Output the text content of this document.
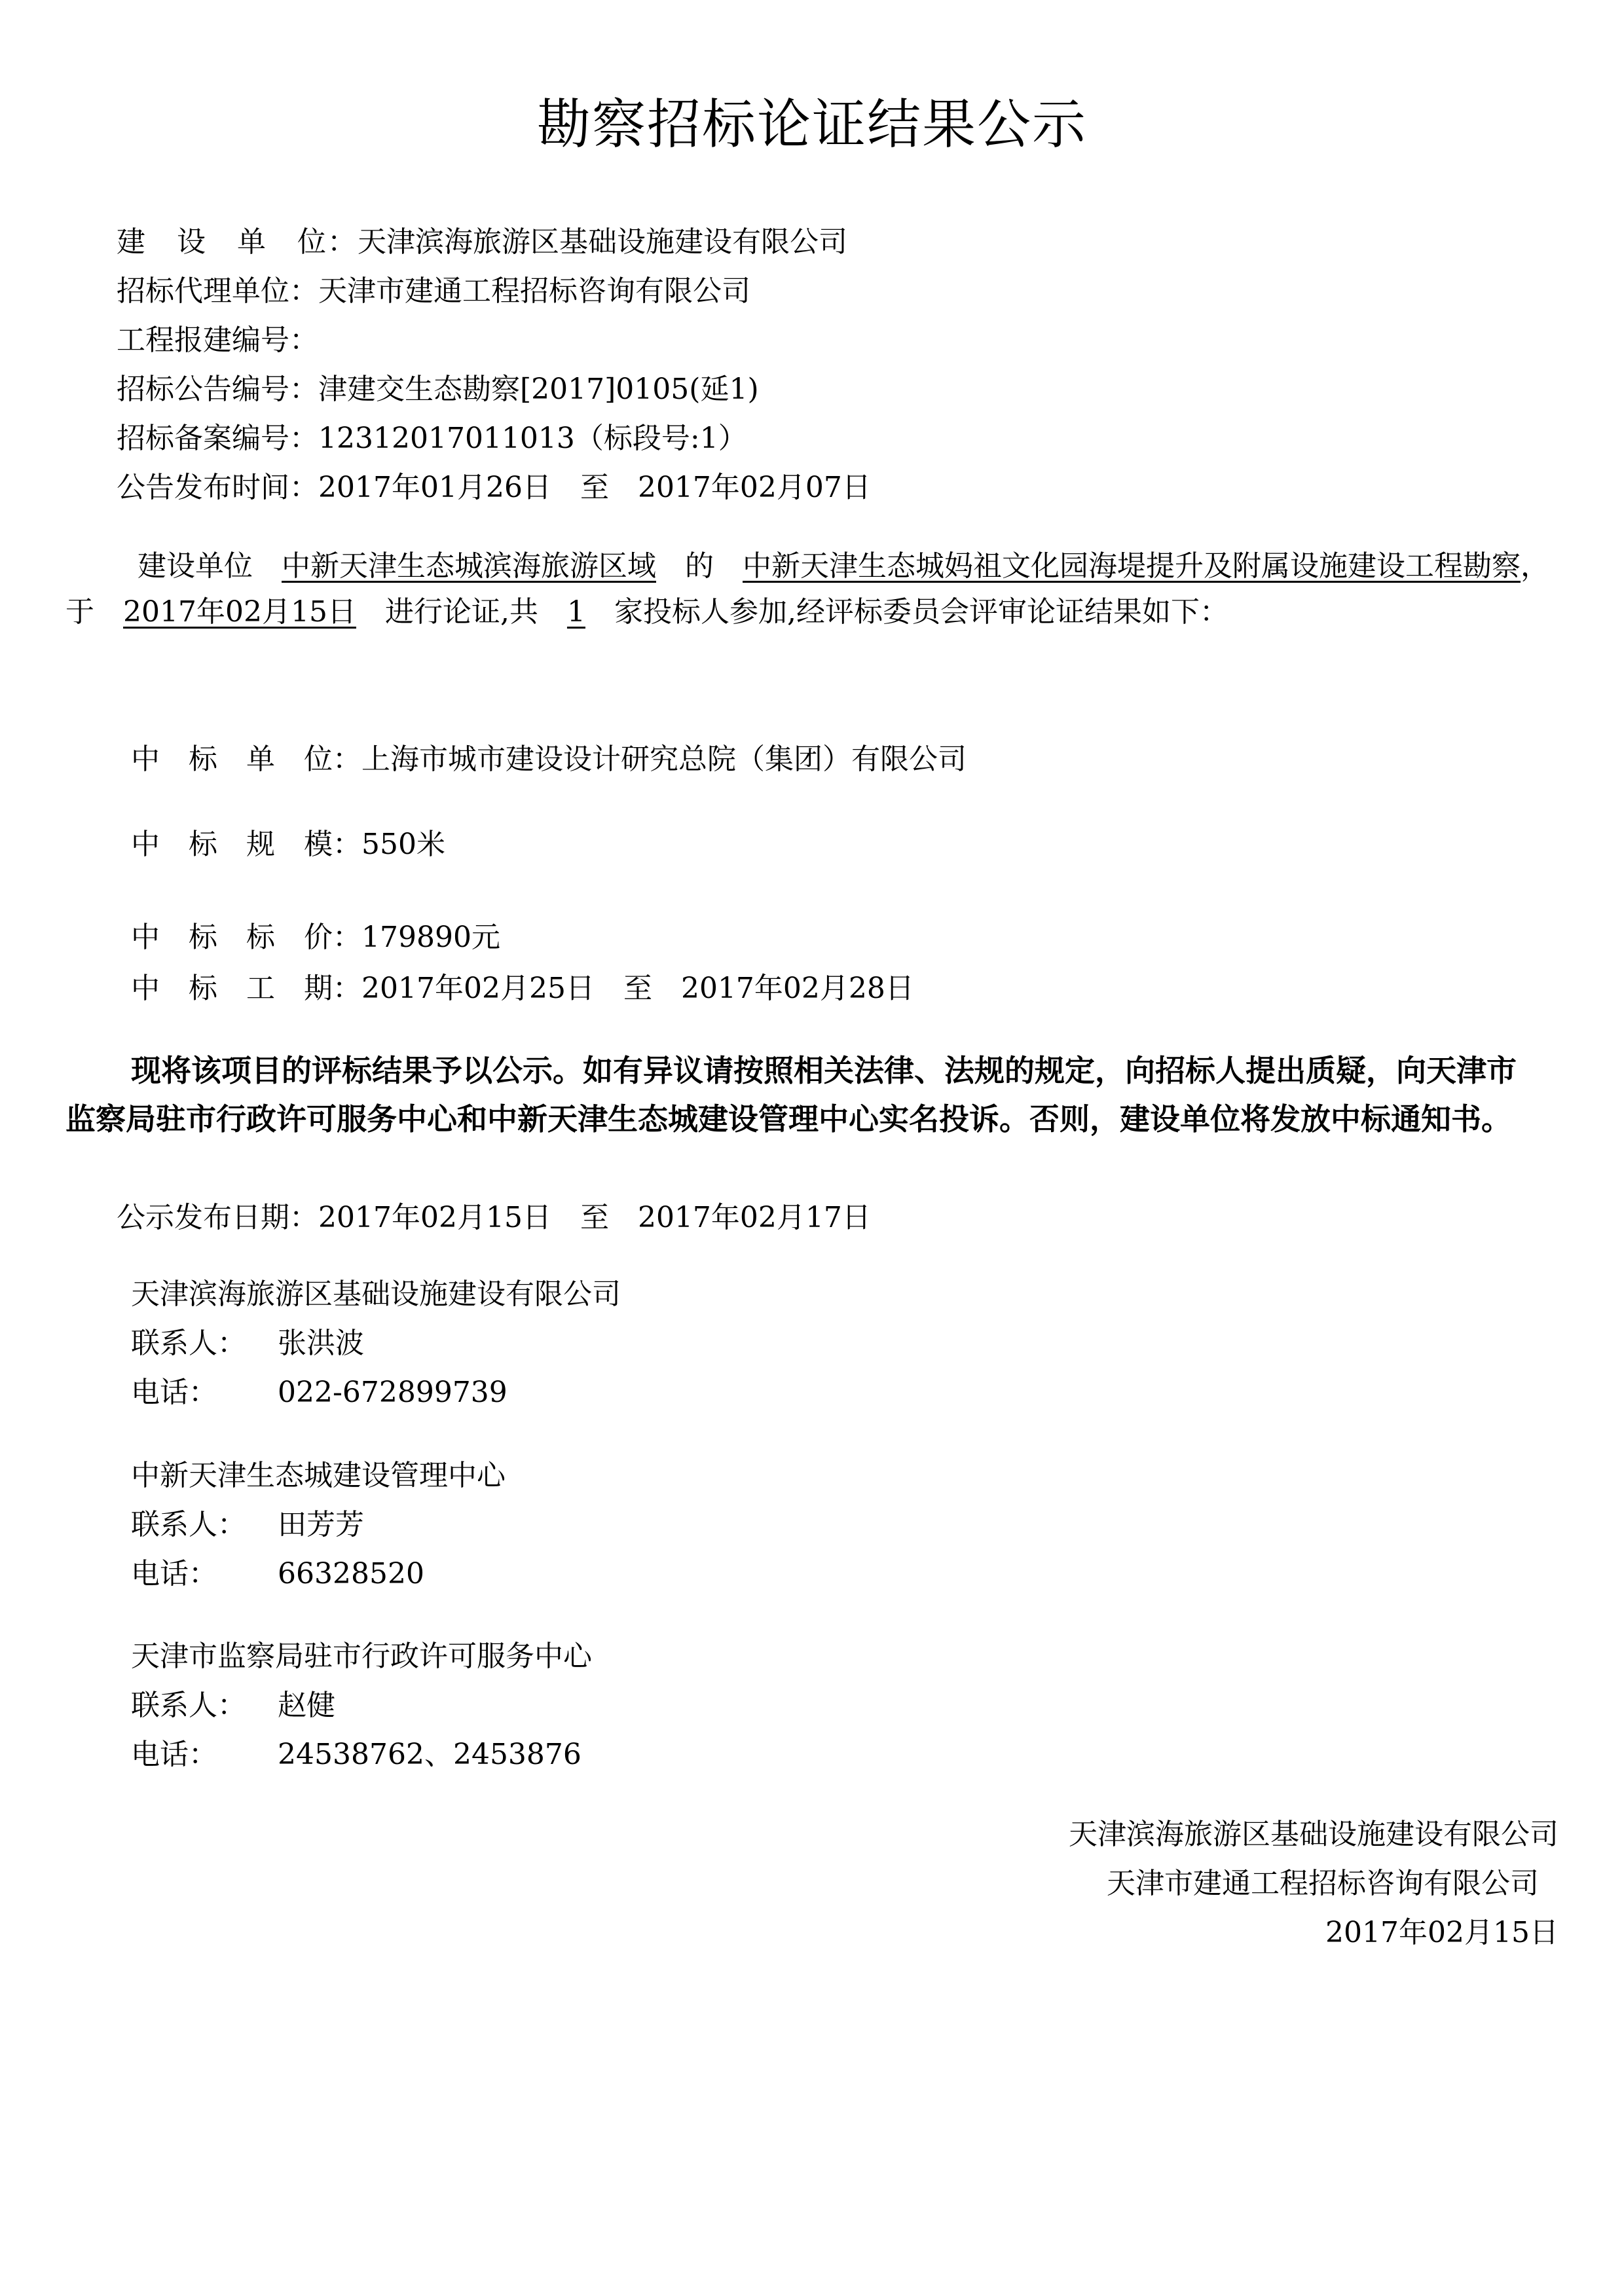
勘察招标论证结果公示
建　设　单　位：天津滨海旅游区基础设施建设有限公司
招标代理单位：天津市建通工程招标咨询有限公司
工程报建编号：
招标公告编号：津建交生态勘察[2017]0105(延1)
招标备案编号：12312017011013（标段号:1）
公告发布时间：2017年01月26日　至　2017年02月07日
建设单位　中新天津生态城滨海旅游区域　的　中新天津生态城妈祖文化园海堤提升及附属设施建设工程勘察，于　2017年02月15日　进行论证,共　1　家投标人参加,经评标委员会评审论证结果如下：
中　标　单　位：上海市城市建设设计研究总院（集团）有限公司
中　标　规　模：550米
中　标　标　价：179890元
中　标　工　期：2017年02月25日　至　2017年02月28日
现将该项目的评标结果予以公示。如有异议请按照相关法律、法规的规定，向招标人提出质疑，向天津市监察局驻市行政许可服务中心和中新天津生态城建设管理中心实名投诉。否则，建设单位将发放中标通知书。
公示发布日期：2017年02月15日　至　2017年02月17日
天津滨海旅游区基础设施建设有限公司
联系人： 张洪波
电话： 022-672899739
中新天津生态城建设管理中心
联系人： 田芳芳
电话： 66328520
天津市监察局驻市行政许可服务中心
联系人： 赵健
电话： 24538762、2453876
天津滨海旅游区基础设施建设有限公司
天津市建通工程招标咨询有限公司
2017年02月15日
